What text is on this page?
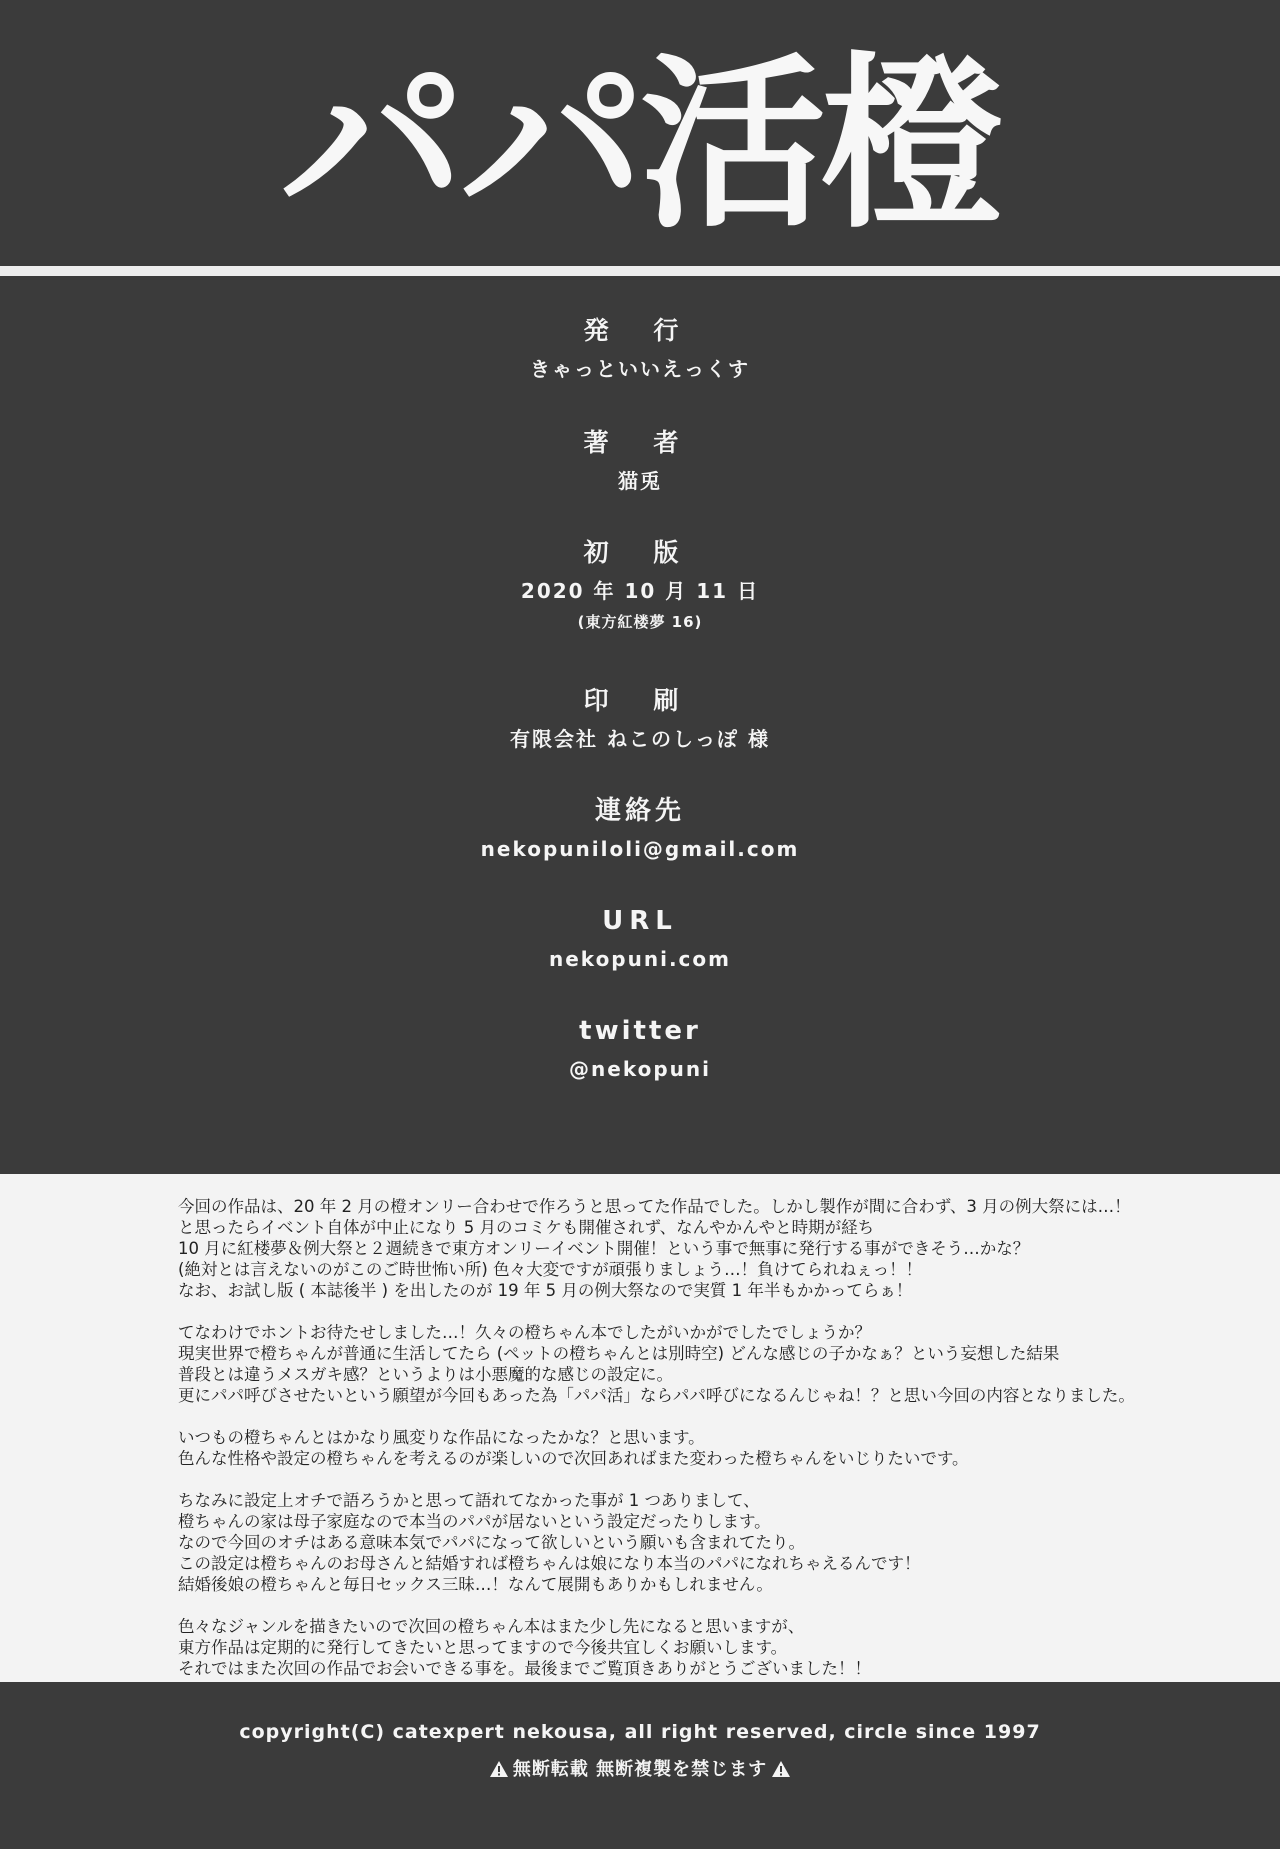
パパ活橙
発 行
きゃっといいえっくす
著 者
猫兎
初 版
2020 年 10 月 11 日
(東方紅楼夢 16)
印 刷
有限会社 ねこのしっぽ 様
連絡先
nekopuniloli@gmail.com
URL
nekopuni.com
twitter
@nekopuni
今回の作品は、20 年 2 月の橙オンリー合わせで作ろうと思ってた作品でした。しかし製作が間に合わず、3 月の例大祭には…！
と思ったらイベント自体が中止になり 5 月のコミケも開催されず、なんやかんやと時期が経ち
10 月に紅楼夢＆例大祭と２週続きで東方オンリーイベント開催！という事で無事に発行する事ができそう…かな？
(絶対とは言えないのがこのご時世怖い所) 色々大変ですが頑張りましょう…！負けてられねぇっ！！
なお、お試し版 ( 本誌後半 ) を出したのが 19 年 5 月の例大祭なので実質 1 年半もかかってらぁ！
てなわけでホントお待たせしました…！久々の橙ちゃん本でしたがいかがでしたでしょうか？
現実世界で橙ちゃんが普通に生活してたら (ペットの橙ちゃんとは別時空) どんな感じの子かなぁ？という妄想した結果
普段とは違うメスガキ感？というよりは小悪魔的な感じの設定に。
更にパパ呼びさせたいという願望が今回もあった為「パパ活」ならパパ呼びになるんじゃね！？と思い今回の内容となりました。
いつもの橙ちゃんとはかなり風変りな作品になったかな？と思います。
色んな性格や設定の橙ちゃんを考えるのが楽しいので次回あればまた変わった橙ちゃんをいじりたいです。
ちなみに設定上オチで語ろうかと思って語れてなかった事が 1 つありまして、
橙ちゃんの家は母子家庭なので本当のパパが居ないという設定だったりします。
なので今回のオチはある意味本気でパパになって欲しいという願いも含まれてたり。
この設定は橙ちゃんのお母さんと結婚すれば橙ちゃんは娘になり本当のパパになれちゃえるんです！
結婚後娘の橙ちゃんと毎日セックス三昧…！なんて展開もありかもしれません。
色々なジャンルを描きたいので次回の橙ちゃん本はまた少し先になると思いますが、
東方作品は定期的に発行してきたいと思ってますので今後共宜しくお願いします。
それではまた次回の作品でお会いできる事を。最後までご覧頂きありがとうございました！！
copyright(C) catexpert nekousa, all right reserved, circle since 1997
無断転載 無断複製を禁じます
